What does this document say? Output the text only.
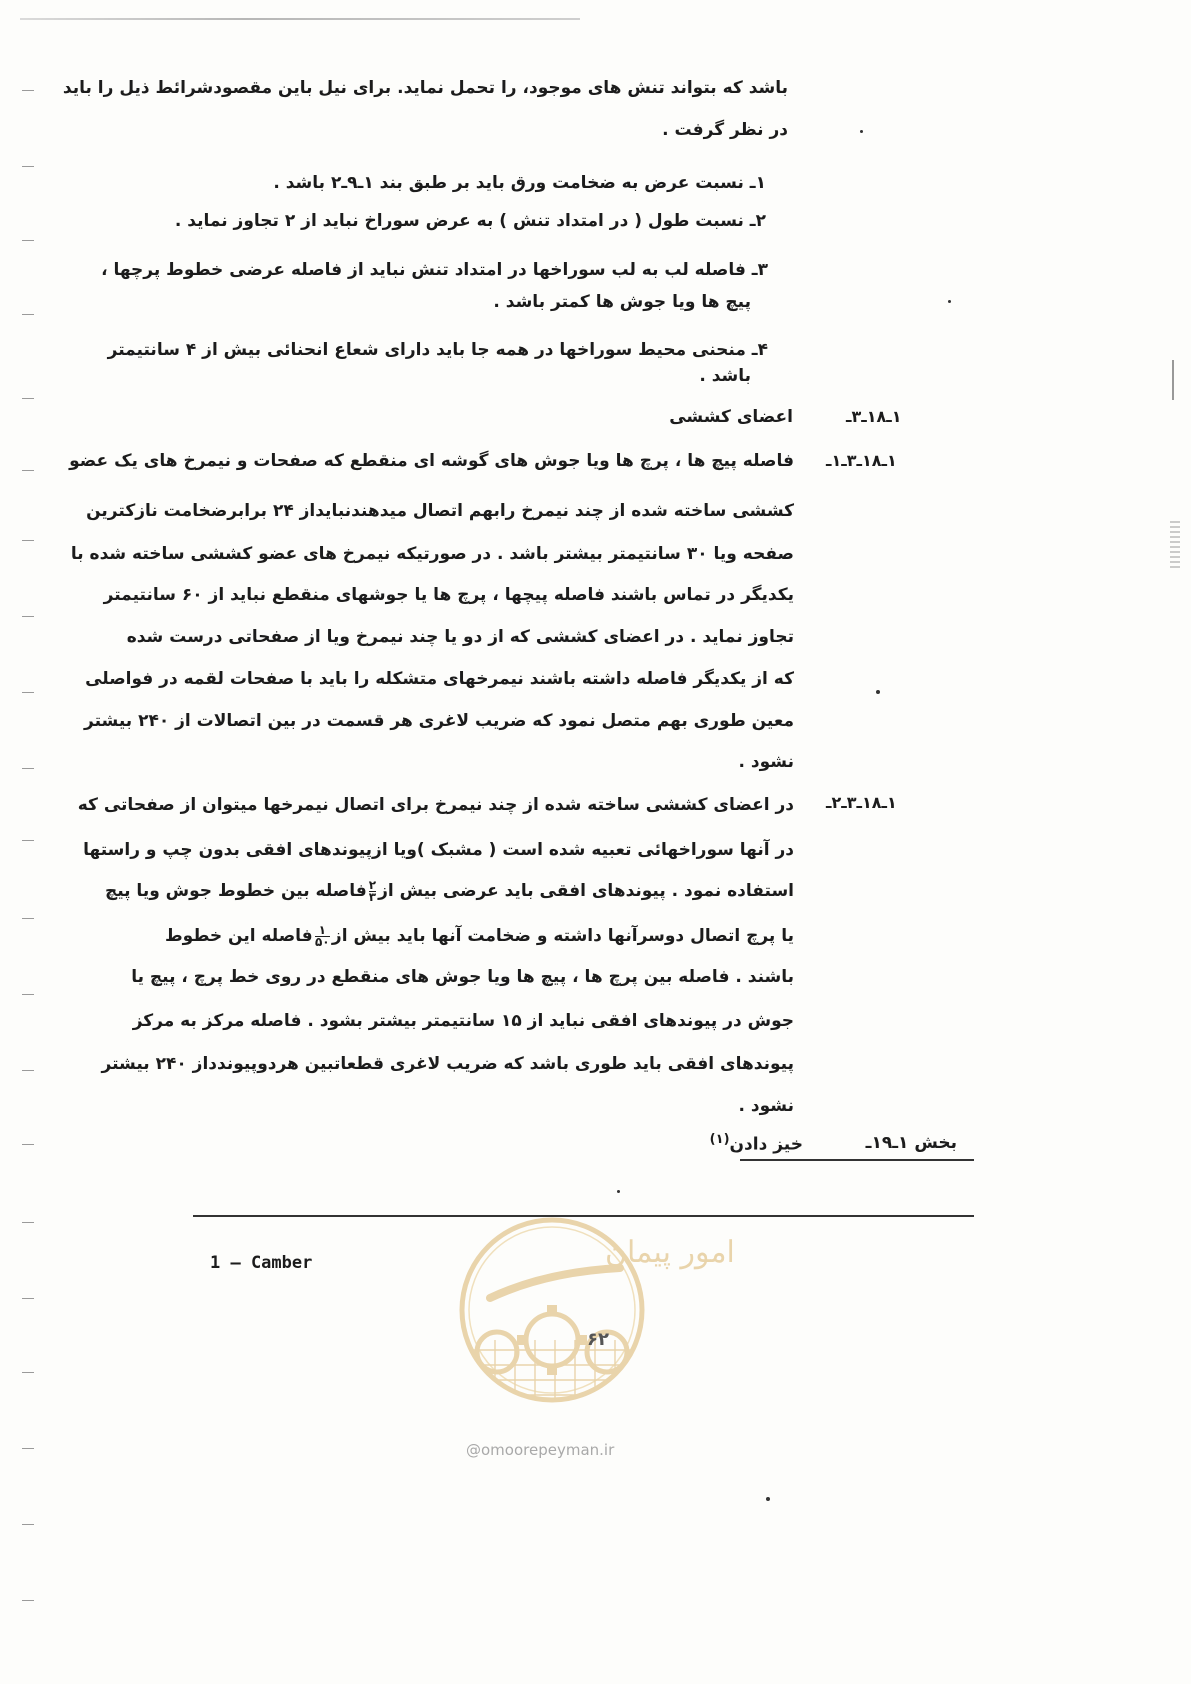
باشد که بتواند تنش های موجود، را تحمل نماید. برای نیل باین مقصودشرائط ذیل را باید
در نظر گرفت .
۱ـ نسبت عرض به ضخامت ورق باید بر طبق بند ۱ـ۹ـ۲ باشد .
۲ـ نسبت طول ( در امتداد تنش ) به عرض سوراخ نباید از ۲ تجاوز نماید .
۳ـ فاصله لب به لب سوراخها در امتداد تنش نباید از فاصله عرضی خطوط پرچها ،
پیچ ها ویا جوش ها کمتر باشد .
۴ـ منحنی محیط سوراخها در همه جا باید دارای شعاع انحنائی بیش از ۴ سانتیمتر
باشد .
۱ـ۱۸ـ۳ـ
اعضای کششی
۱ـ۱۸ـ۳ـ۱ـ
فاصله پیچ ها ، پرچ ها ویا جوش های گوشه ای منقطع که صفحات و نیمرخ های یک عضو
کششی ساخته شده از چند نیمرخ رابهم اتصال میدهندنبایداز ۲۴ برابرضخامت نازکترین
صفحه ویا ۳۰ سانتیمتر بیشتر باشد . در صورتیکه نیمرخ های عضو کششی ساخته شده با
یکدیگر در تماس باشند فاصله پیچها ، پرچ ها یا جوشهای منقطع نباید از ۶۰ سانتیمتر
تجاوز نماید . در اعضای کششی که از دو یا چند نیمرخ ویا از صفحاتی درست شده
که از یکدیگر فاصله داشته باشند نیمرخهای متشکله را باید با صفحات لقمه در فواصلی
معین طوری بهم متصل نمود که ضریب لاغری هر قسمت در بین اتصالات از ۲۴۰ بیشتر
نشود .
۱ـ۱۸ـ۳ـ۲ـ
در اعضای کششی ساخته شده از چند نیمرخ برای اتصال نیمرخها میتوان از صفحاتی که
در آنها سوراخهائی تعبیه شده است ( مشبک )ویا ازپیوندهای افقی بدون چپ و راستها
استفاده نمود . پیوندهای افقی باید عرضی بیش از
$\frac{۲}{۳}$
فاصله بین خطوط جوش ویا پیچ
یا پرچ اتصال دوسرآنها داشته و ضخامت آنها باید بیش از
$\frac{۱}{۵۰}$
فاصله این خطوط
باشند . فاصله بین پرچ ها ، پیچ ها ویا جوش های منقطع در روی خط پرچ ، پیچ یا
جوش در پیوندهای افقی نباید از ۱۵ سانتیمتر بیشتر بشود . فاصله مرکز به مرکز
پیوندهای افقی باید طوری باشد که ضریب لاغری قطعاتبین هردوپیوندداز ۲۴۰ بیشتر
نشود .
بخش ۱ـ۱۹ـ
خیز دادن$^{(۱)}$
1 – Camber	امور پیمان
۶۲
@omoorepeyman.ir
